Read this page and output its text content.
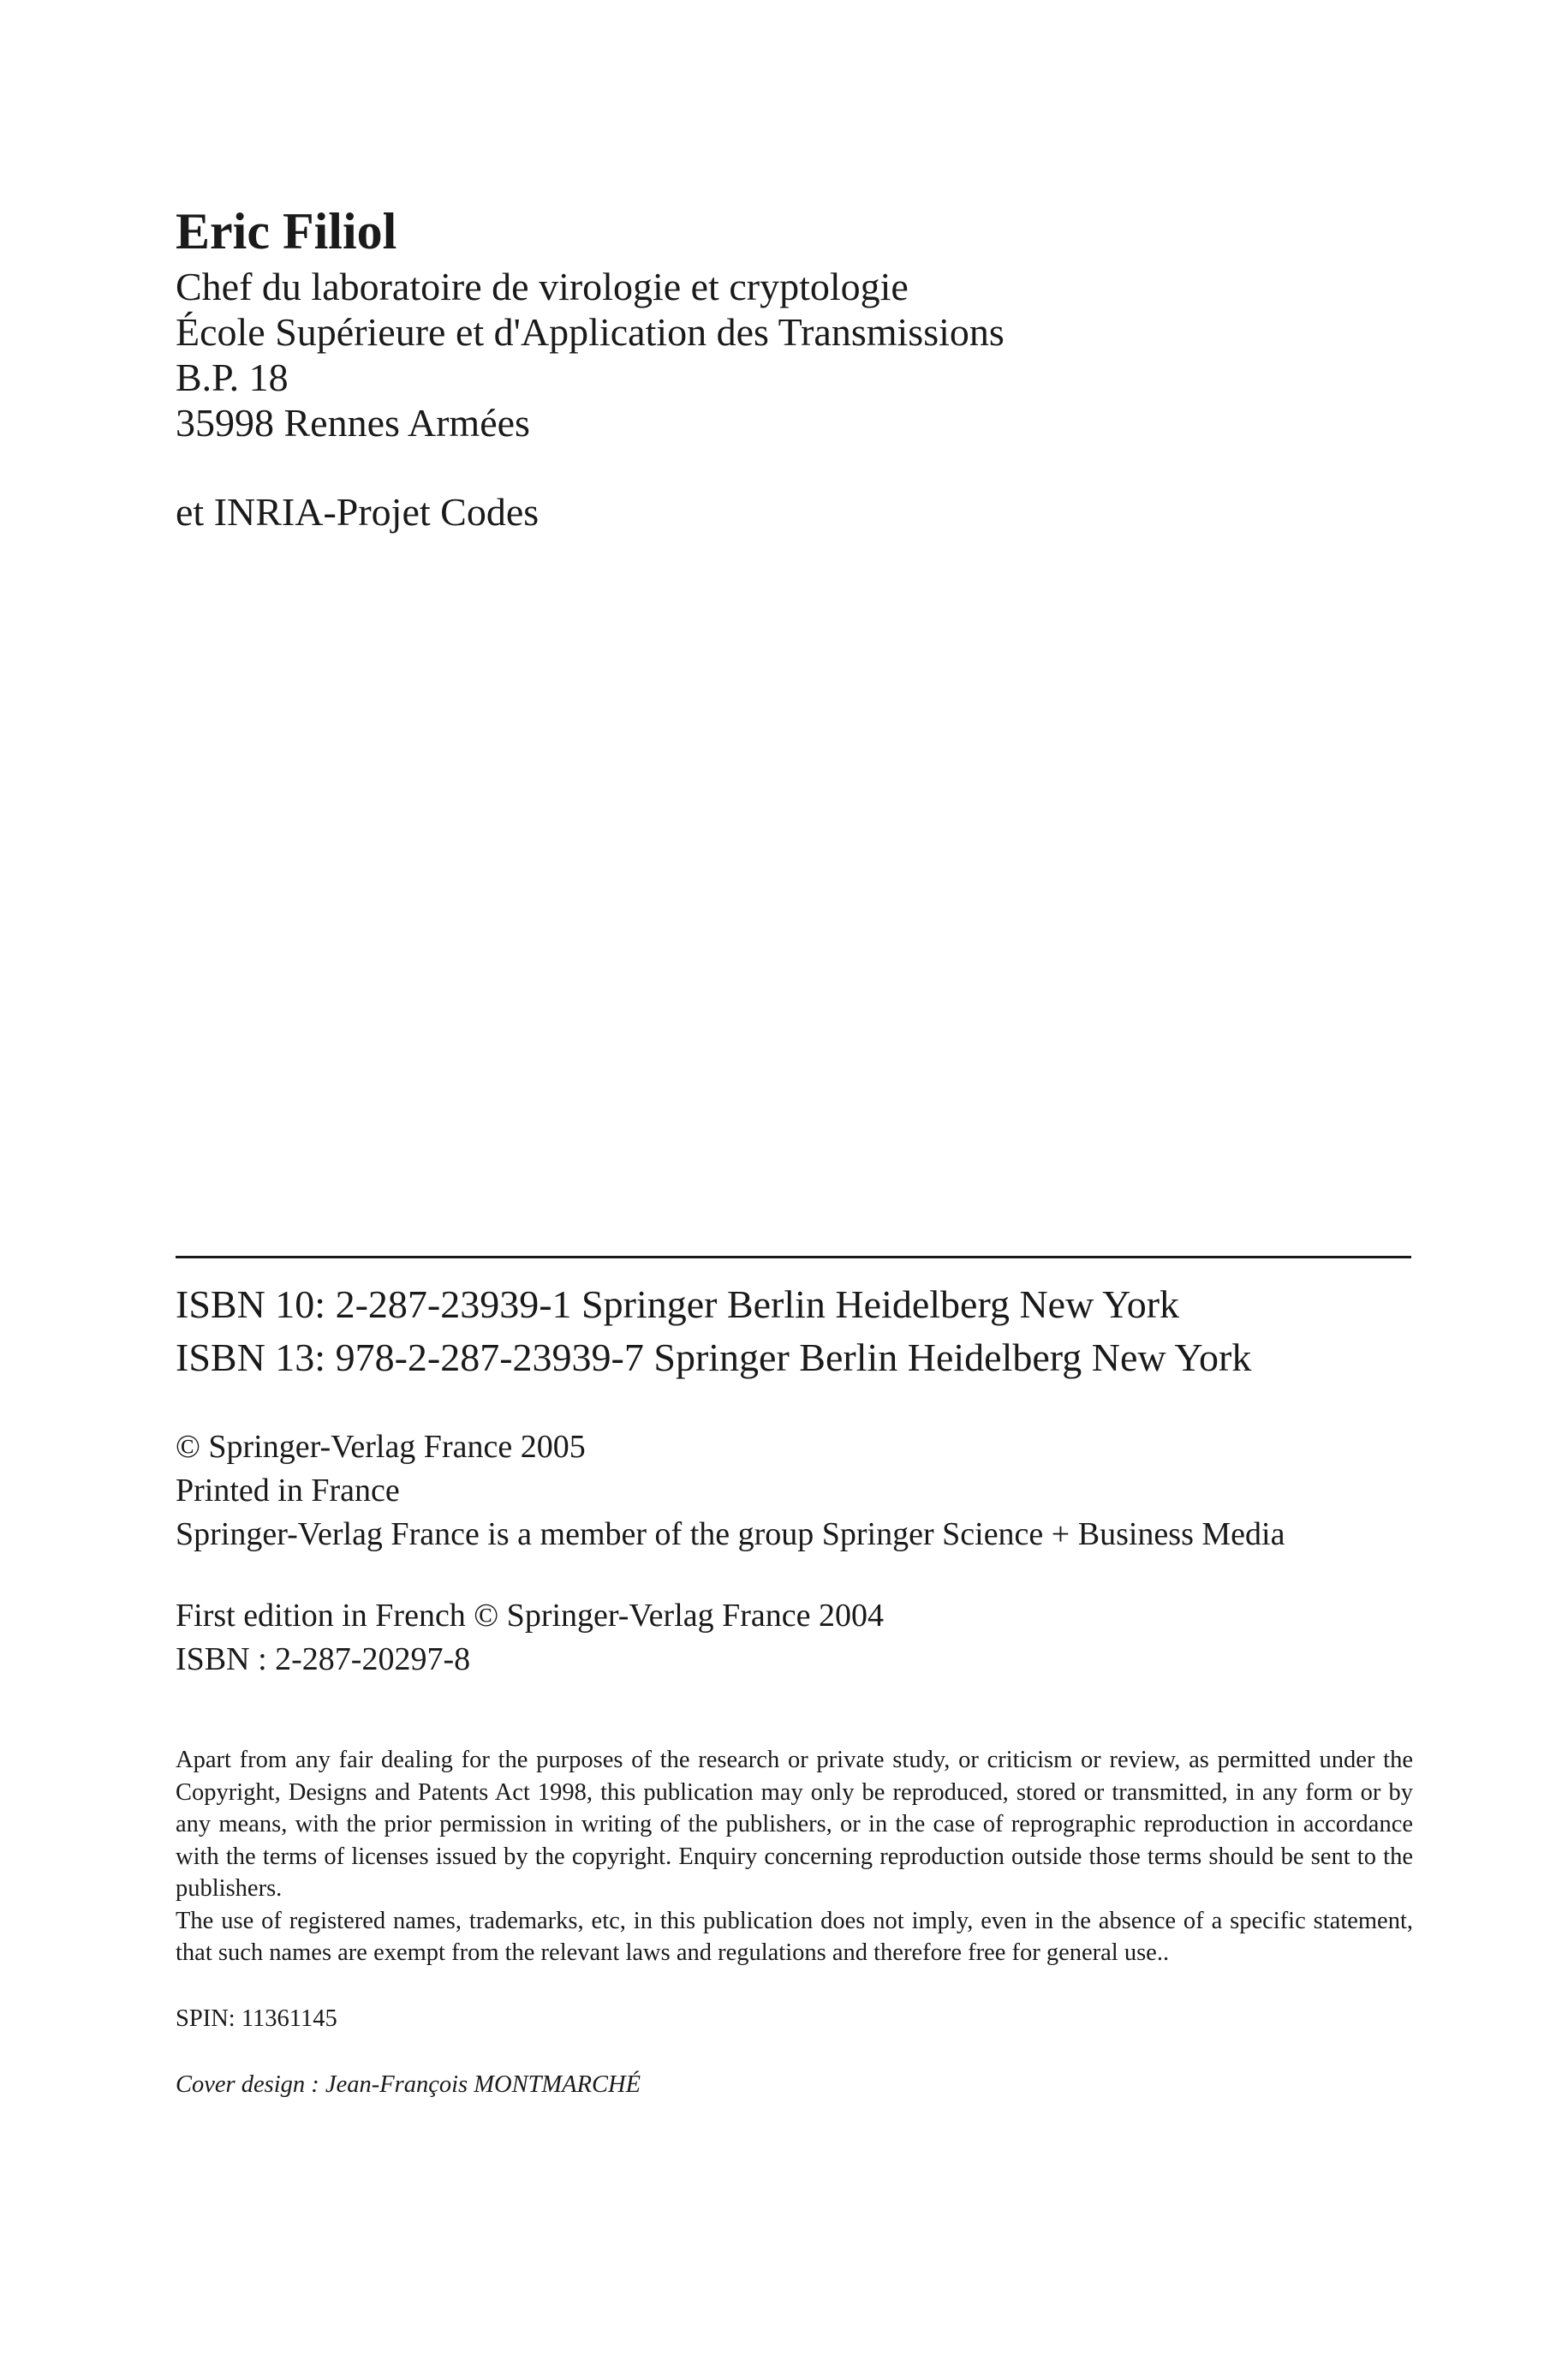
Eric Filiol

Chef du laboratoire de virologie et cryptologie

École Supérieure et d'Application des Transmissions

B.P. 18

35998 Rennes Armées

et INRIA-Projet Codes

ISBN 10: 2-287-23939-1 Springer Berlin Heidelberg New York

ISBN 13: 978-2-287-23939-7 Springer Berlin Heidelberg New York

© Springer-Verlag France 2005

Printed in France

Springer-Verlag France is a member of the group Springer Science + Business Media

First edition in French © Springer-Verlag France 2004

ISBN : 2-287-20297-8

Apart from any fair dealing for the purposes of the research or private study, or criticism or review, as permitted under the Copyright, Designs and Patents Act 1998, this publication may only be reproduced, stored or transmitted, in any form or by any means, with the prior permission in writing of the publishers, or in the case of reprographic reproduction in accordance with the terms of licenses issued by the copyright. Enquiry concerning reproduction outside those terms should be sent to the publishers.

The use of registered names, trademarks, etc, in this publication does not imply, even in the absence of a specific statement, that such names are exempt from the relevant laws and regulations and therefore free for general use..

SPIN: 11361145

Cover design : Jean-François MONTMARCHÉ
